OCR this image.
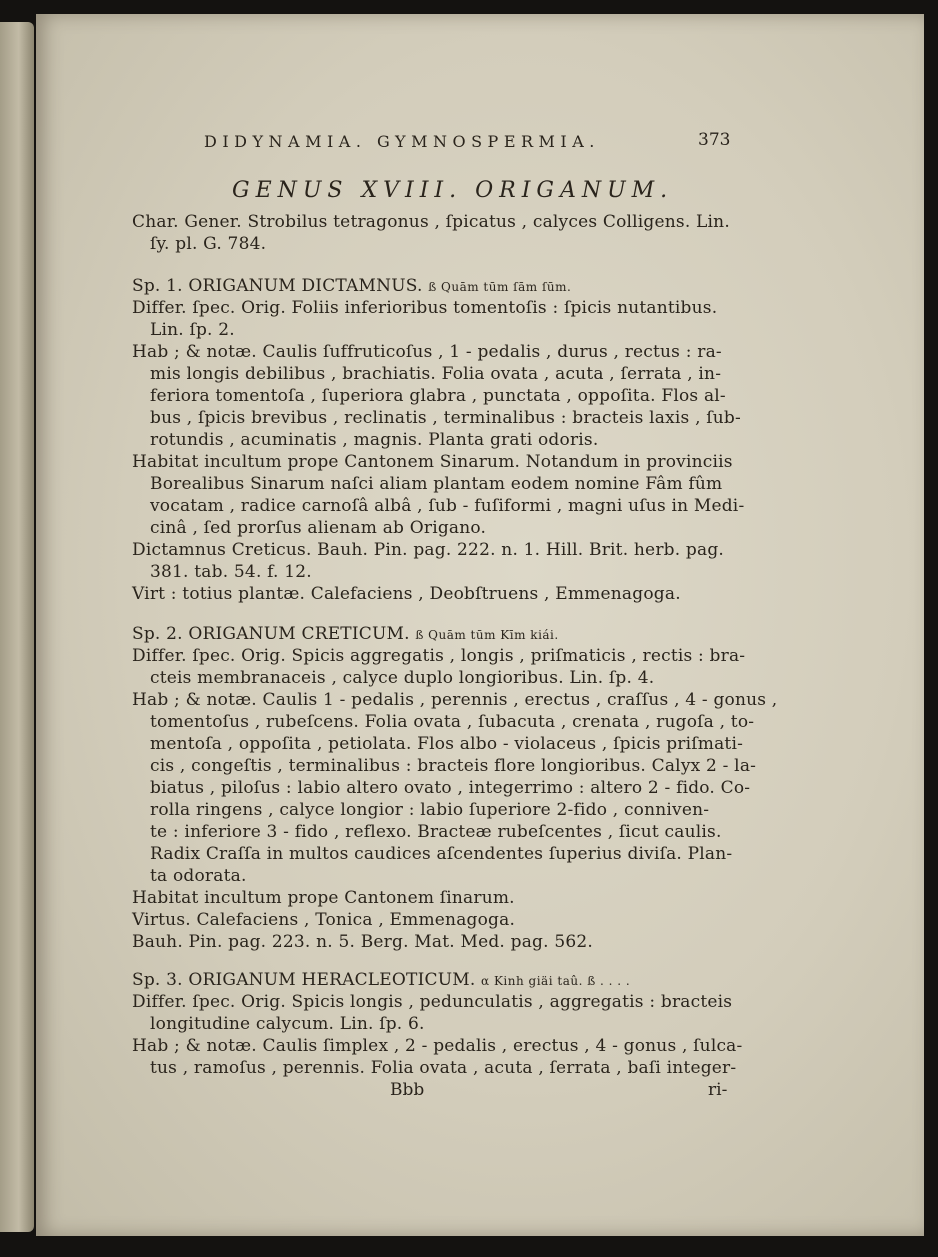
DIDYNAMIA. GYMNOSPERMIA.	373
GENUS XVIII. ORIGANUM.
Char. Gener. Strobilus tetragonus , ſpicatus , calyces Colligens. Lin.
ſy. pl. G. 784.
Sp. 1. ORIGANUM DICTAMNUS. ß Quām tūm ſām ſūm.
Differ. ſpec. Orig. Foliis inferioribus tomentoſis : ſpicis nutantibus.
Lin. ſp. 2.
Hab ; & notæ. Caulis ſuffruticoſus , 1 - pedalis , durus , rectus : ra-
mis longis debilibus , brachiatis. Folia ovata , acuta , ſerrata , in-
feriora tomentoſa , ſuperiora glabra , punctata , oppoſita. Flos al-
bus , ſpicis brevibus , reclinatis , terminalibus : bracteis laxis , ſub-
rotundis , acuminatis , magnis. Planta grati odoris.
Habitat incultum prope Cantonem Sinarum. Notandum in provinciis
Borealibus Sinarum naſci aliam plantam eodem nomine Fâm fûm
vocatam , radice carnoſâ albâ , ſub - fuſiformi , magni uſus in Medi-
cinâ , ſed prorſus alienam ab Origano.
Dictamnus Creticus. Bauh. Pin. pag. 222. n. 1. Hill. Brit. herb. pag.
381. tab. 54. f. 12.
Virt : totius plantæ. Calefaciens , Deobſtruens , Emmenagoga.
Sp. 2. ORIGANUM CRETICUM. ß Quām tūm Kīm kiái.
Differ. ſpec. Orig. Spicis aggregatis , longis , priſmaticis , rectis : bra-
cteis membranaceis , calyce duplo longioribus. Lin. ſp. 4.
Hab ; & notæ. Caulis 1 - pedalis , perennis , erectus , craſſus , 4 - gonus ,
tomentoſus , rubeſcens. Folia ovata , ſubacuta , crenata , rugoſa , to-
mentoſa , oppoſita , petiolata. Flos albo - violaceus , ſpicis priſmati-
cis , congeſtis , terminalibus : bracteis flore longioribus. Calyx 2 - la-
biatus , piloſus : labio altero ovato , integerrimo : altero 2 - fido. Co-
rolla ringens , calyce longior : labio ſuperiore 2-fido , conniven-
te : inferiore 3 - fido , reflexo. Bracteæ rubeſcentes , ſicut caulis.
Radix Craſſa in multos caudices aſcendentes ſuperius diviſa. Plan-
ta odorata.
Habitat incultum prope Cantonem ſinarum.
Virtus. Calefaciens , Tonica , Emmenagoga.
Bauh. Pin. pag. 223. n. 5. Berg. Mat. Med. pag. 562.
Sp. 3. ORIGANUM HERACLEOTICUM. α Kinh giäi taû. ß . . . .
Differ. ſpec. Orig. Spicis longis , pedunculatis , aggregatis : bracteis
longitudine calycum. Lin. ſp. 6.
Hab ; & notæ. Caulis ſimplex , 2 - pedalis , erectus , 4 - gonus , ſulca-
tus , ramoſus , perennis. Folia ovata , acuta , ſerrata , baſi integer-
Bbb	ri-
